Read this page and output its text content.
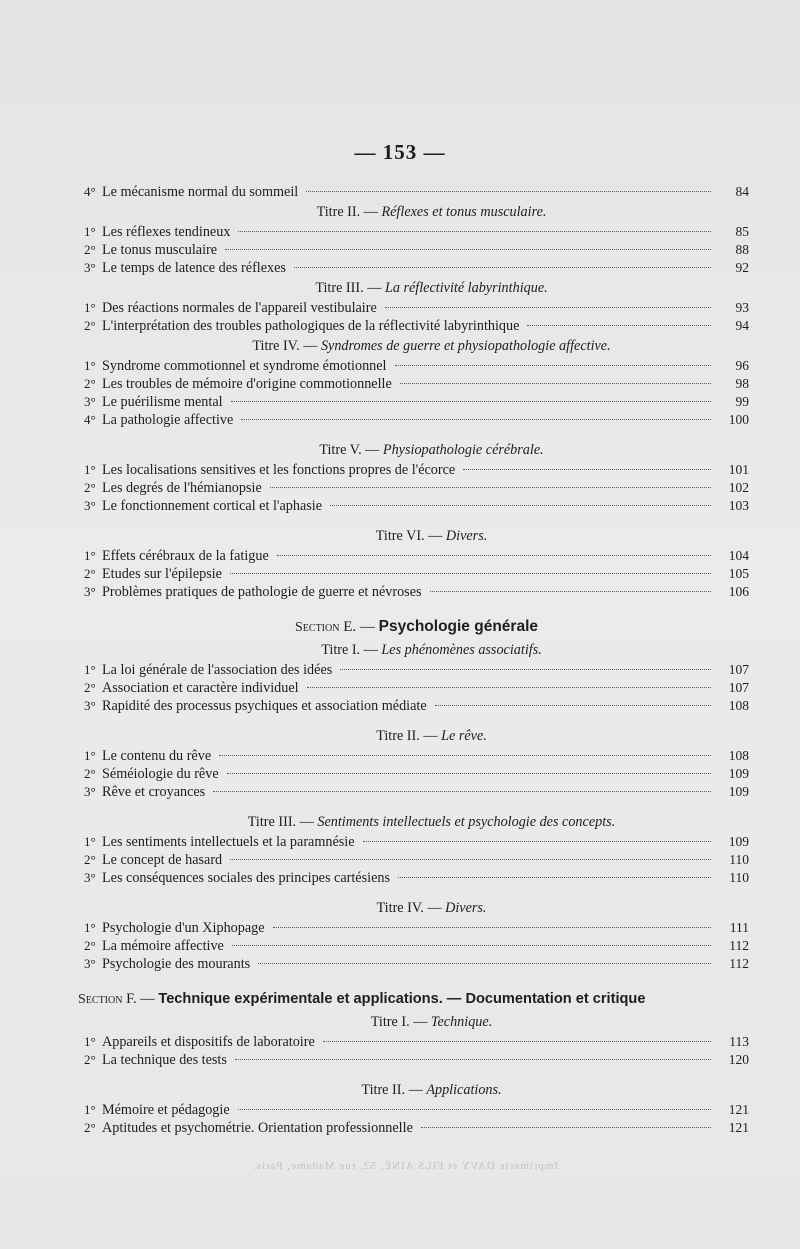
— 153 —
4° Le mécanisme normal du sommeil	84
Titre II. — Réflexes et tonus musculaire.
1° Les réflexes tendineux	85
2° Le tonus musculaire	88
3° Le temps de latence des réflexes	92
Titre III. — La réflectivité labyrinthique.
1° Des réactions normales de l'appareil vestibulaire	93
2° L'interprétation des troubles pathologiques de la réflectivité labyrinthique	94
Titre IV. — Syndromes de guerre et physiopathologie affective.
1° Syndrome commotionnel et syndrome émotionnel	96
2° Les troubles de mémoire d'origine commotionnelle	98
3° Le puérilisme mental	99
4° La pathologie affective	100
Titre V. — Physiopathologie cérébrale.
1° Les localisations sensitives et les fonctions propres de l'écorce	101
2° Les degrés de l'hémianopsie	102
3° Le fonctionnement cortical et l'aphasie	103
Titre VI. — Divers.
1° Effets cérébraux de la fatigue	104
2° Etudes sur l'épilepsie	105
3° Problèmes pratiques de pathologie de guerre et névroses	106
Section E. — Psychologie générale
Titre I. — Les phénomènes associatifs.
1° La loi générale de l'association des idées	107
2° Association et caractère individuel	107
3° Rapidité des processus psychiques et association médiate	108
Titre II. — Le rêve.
1° Le contenu du rêve	108
2° Séméiologie du rêve	109
3° Rêve et croyances	109
Titre III. — Sentiments intellectuels et psychologie des concepts.
1° Les sentiments intellectuels et la paramnésie	109
2° Le concept de hasard	110
3° Les conséquences sociales des principes cartésiens	110
Titre IV. — Divers.
1° Psychologie d'un Xiphopage	111
2° La mémoire affective	112
3° Psychologie des mourants	112
Section F. — Technique expérimentale et applications. — Documentation et critique
Titre I. — Technique.
1° Appareils et dispositifs de laboratoire	113
2° La technique des tests	120
Titre II. — Applications.
1° Mémoire et pédagogie	121
2° Aptitudes et psychométrie. Orientation professionnelle	121
Imprimerie DAVY et FILS AINÉ, 52, rue Madame, Paris.
